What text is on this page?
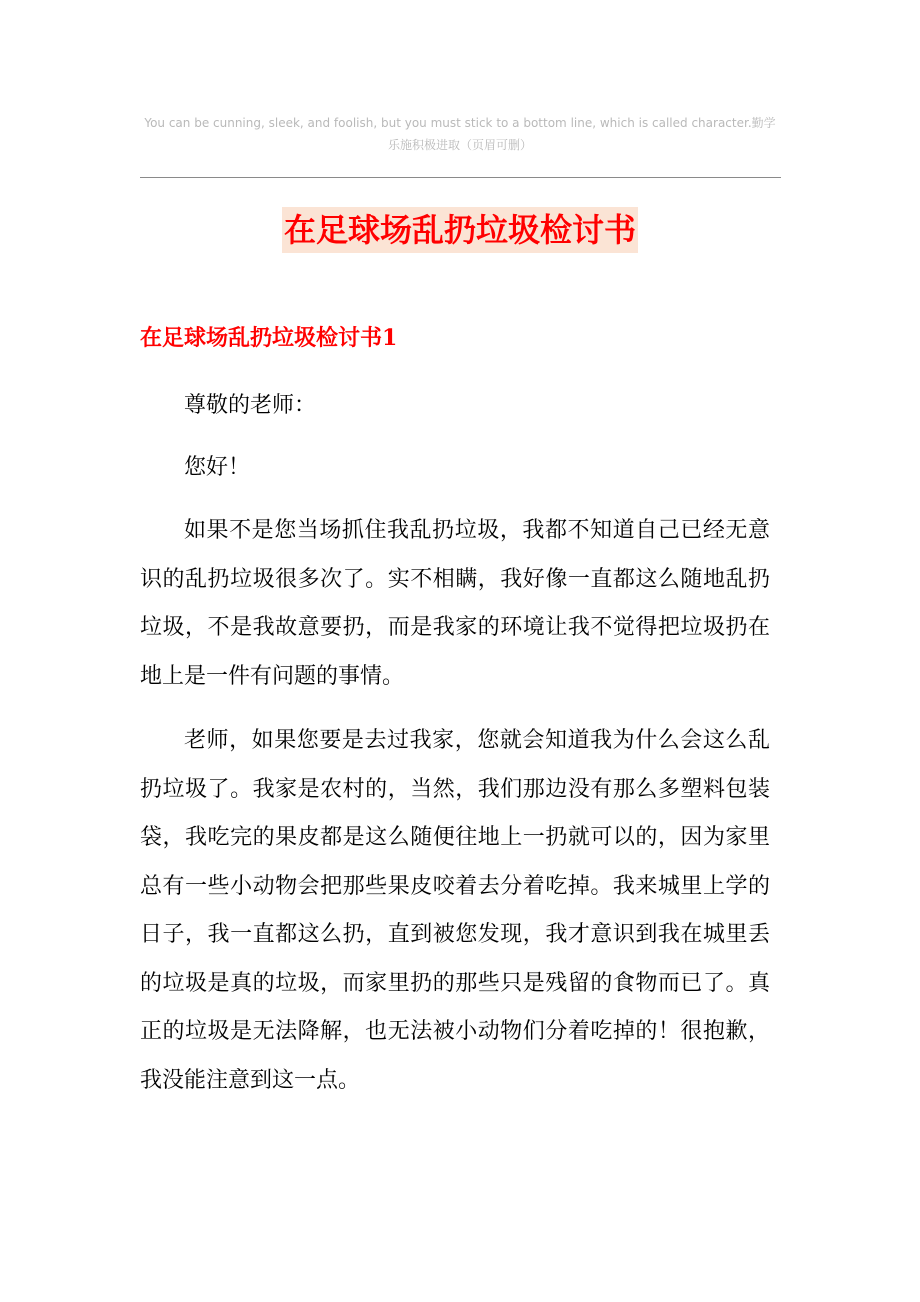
You can be cunning, sleek, and foolish, but you must stick to a bottom line, which is called character.勤学乐施积极进取（页眉可删）
在足球场乱扔垃圾检讨书
在足球场乱扔垃圾检讨书1

尊敬的老师：

您好！

如果不是您当场抓住我乱扔垃圾，我都不知道自己已经无意识的乱扔垃圾很多次了。实不相瞒，我好像一直都这么随地乱扔垃圾，不是我故意要扔，而是我家的环境让我不觉得把垃圾扔在地上是一件有问题的事情。

老师，如果您要是去过我家，您就会知道我为什么会这么乱扔垃圾了。我家是农村的，当然，我们那边没有那么多塑料包装袋，我吃完的果皮都是这么随便往地上一扔就可以的，因为家里总有一些小动物会把那些果皮咬着去分着吃掉。我来城里上学的日子，我一直都这么扔，直到被您发现，我才意识到我在城里丢的垃圾是真的垃圾，而家里扔的那些只是残留的食物而已了。真正的垃圾是无法降解，也无法被小动物们分着吃掉的！很抱歉，我没能注意到这一点。
